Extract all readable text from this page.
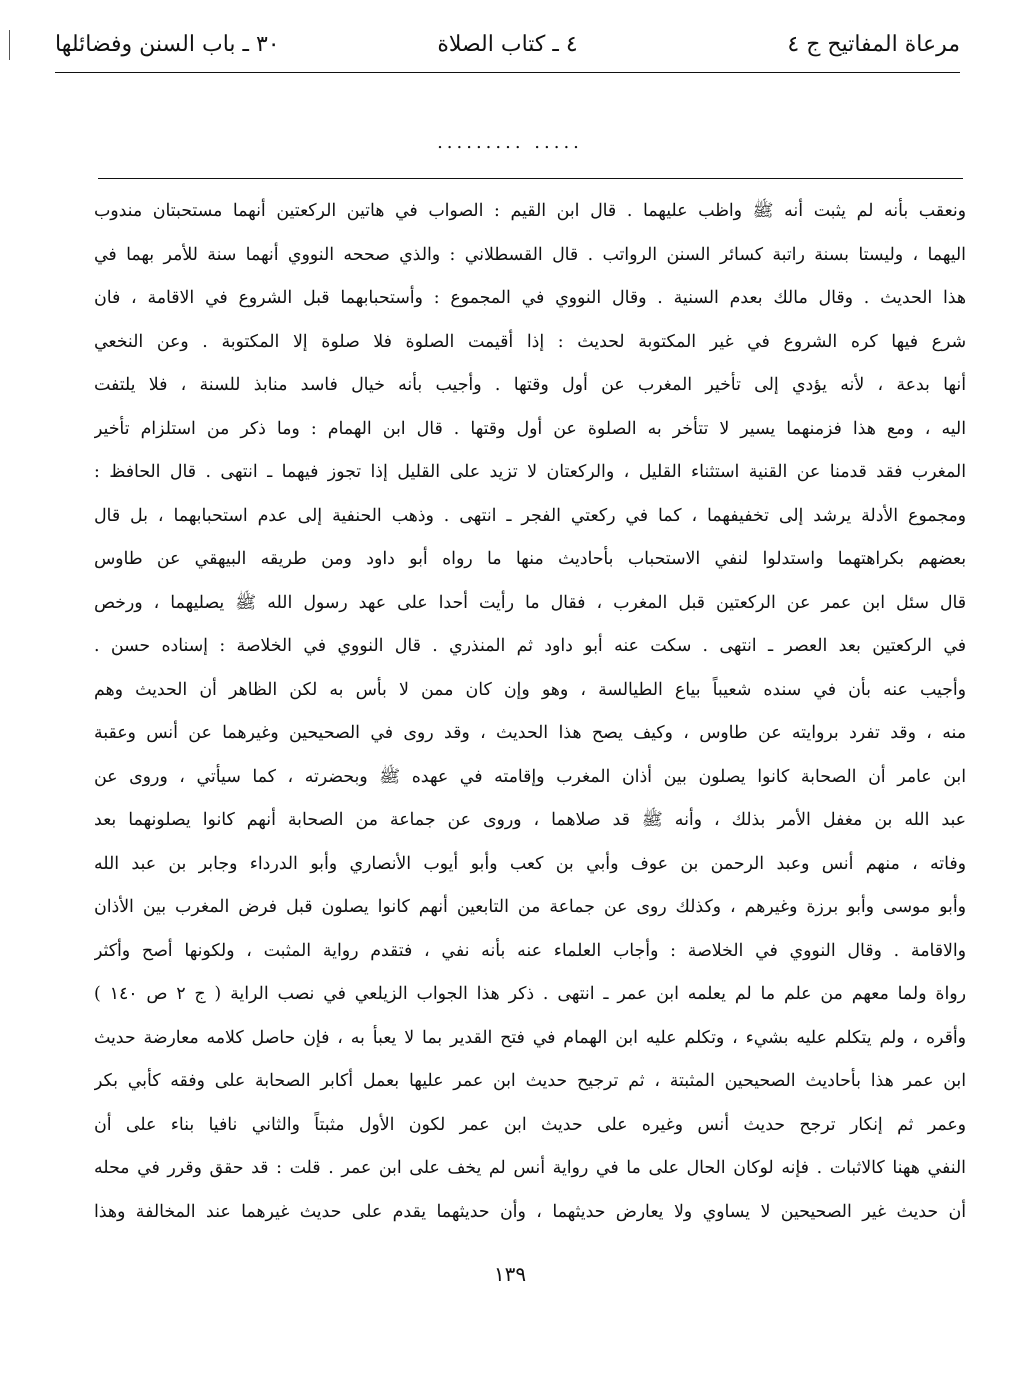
مرعاة المفاتيح ج ٤
٤ ـ كتاب الصلاة
٣٠ ـ باب السنن وفضائلها
......... .....
ونعقب بأنه لم يثبت أنه ﷺ واظب عليهما . قال ابن القيم : الصواب في هاتين الركعتين أنهما مستحبتان مندوب
اليهما ، وليستا بسنة راتبة كسائر السنن الرواتب . قال القسطلاني : والذي صححه النووي أنهما سنة للأمر بهما في
هذا الحديث . وقال مالك بعدم السنية . وقال النووي في المجموع : وأستحبابهما قبل الشروع في الاقامة ، فان
شرع فيها كره الشروع في غير المكتوبة لحديث : إذا أقيمت الصلوة فلا صلوة إلا المكتوبة . وعن النخعي
أنها بدعة ، لأنه يؤدي إلى تأخير المغرب عن أول وقتها . وأجيب بأنه خيال فاسد منابذ للسنة ، فلا يلتفت
اليه ، ومع هذا فزمنهما يسير لا تتأخر به الصلوة عن أول وقتها . قال ابن الهمام : وما ذكر من استلزام تأخير
المغرب فقد قدمنا عن القنية استثناء القليل ، والركعتان لا تزيد على القليل إذا تجوز فيهما ـ انتهى . قال الحافظ :
ومجموع الأدلة يرشد إلى تخفيفهما ، كما في ركعتي الفجر ـ انتهى . وذهب الحنفية إلى عدم استحبابهما ، بل قال
بعضهم بكراهتهما واستدلوا لنفي الاستحباب بأحاديث منها ما رواه أبو داود ومن طريقه البيهقي عن طاوس
قال سئل ابن عمر عن الركعتين قبل المغرب ، فقال ما رأيت أحدا على عهد رسول الله ﷺ يصليهما ، ورخص
في الركعتين بعد العصر ـ انتهى . سكت عنه أبو داود ثم المنذري . قال النووي في الخلاصة : إسناده حسن .
وأجيب عنه بأن في سنده شعيباً بياع الطيالسة ، وهو وإن كان ممن لا بأس به لكن الظاهر أن الحديث وهم
منه ، وقد تفرد بروايته عن طاوس ، وكيف يصح هذا الحديث ، وقد روى في الصحيحين وغيرهما عن أنس وعقبة
ابن عامر أن الصحابة كانوا يصلون بين أذان المغرب وإقامته في عهده ﷺ وبحضرته ، كما سيأتي ، وروى عن
عبد الله بن مغفل الأمر بذلك ، وأنه ﷺ قد صلاهما ، وروى عن جماعة من الصحابة أنهم كانوا يصلونهما بعد
وفاته ، منهم أنس وعبد الرحمن بن عوف وأبي بن كعب وأبو أيوب الأنصاري وأبو الدرداء وجابر بن عبد الله
وأبو موسى وأبو برزة وغيرهم ، وكذلك روى عن جماعة من التابعين أنهم كانوا يصلون قبل فرض المغرب بين الأذان
والاقامة . وقال النووي في الخلاصة : وأجاب العلماء عنه بأنه نفي ، فتقدم رواية المثبت ، ولكونها أصح وأكثر
رواة ولما معهم من علم ما لم يعلمه ابن عمر ـ انتهى . ذكر هذا الجواب الزيلعي في نصب الراية ( ج ٢ ص ١٤٠ )
وأقره ، ولم يتكلم عليه بشيء ، وتكلم عليه ابن الهمام في فتح القدير بما لا يعبأ به ، فإن حاصل كلامه معارضة حديث
ابن عمر هذا بأحاديث الصحيحين المثبتة ، ثم ترجيح حديث ابن عمر عليها بعمل أكابر الصحابة على وفقه كأبي بكر
وعمر ثم إنكار ترجح حديث أنس وغيره على حديث ابن عمر لكون الأول مثبتاً والثاني نافيا بناء على أن
النفي ههنا كالاثبات . فإنه لوكان الحال على ما في رواية أنس لم يخف على ابن عمر . قلت : قد حقق وقرر في محله
أن حديث غير الصحيحين لا يساوي ولا يعارض حديثهما ، وأن حديثهما يقدم على حديث غيرهما عند المخالفة وهذا
١٣٩
